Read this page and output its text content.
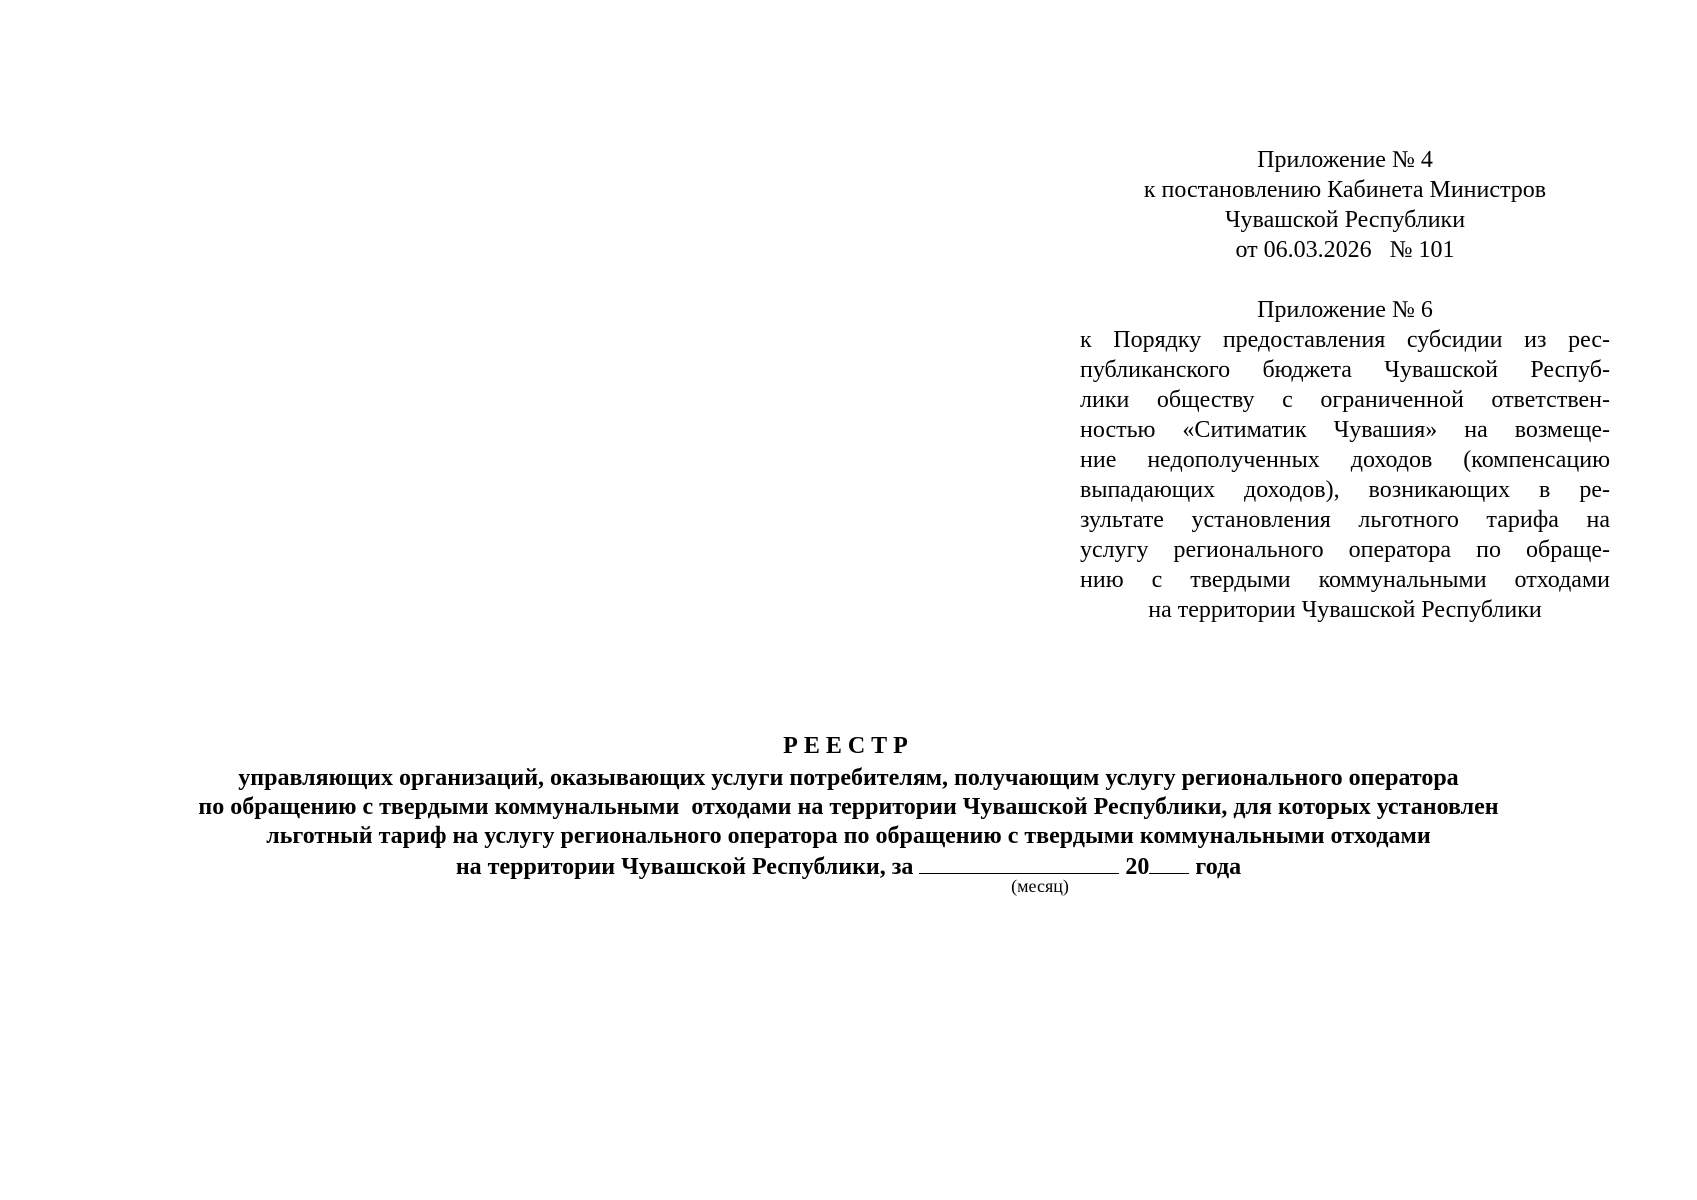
Приложение № 4
к постановлению Кабинета Министров
Чувашской Республики
от 06.03.2026   № 101
Приложение № 6
к Порядку предоставления субсидии из рес-
публиканского бюджета Чувашской Респуб-
лики обществу с ограниченной ответствен-
ностью «Ситиматик Чувашия» на возмеще-
ние недополученных доходов (компенсацию
выпадающих доходов), возникающих в ре-
зультате установления льготного тарифа на
услугу регионального оператора по обраще-
нию с твердыми коммунальными отходами
на территории Чувашской Республики
РЕЕСТР
управляющих организаций, оказывающих услуги потребителям, получающим услугу регионального оператора
по обращению с твердыми коммунальными  отходами на территории Чувашской Республики, для которых установлен
льготный тариф на услугу регионального оператора по обращению с твердыми коммунальными отходами
на территории Чувашской Республики, за	20 года
(месяц)
